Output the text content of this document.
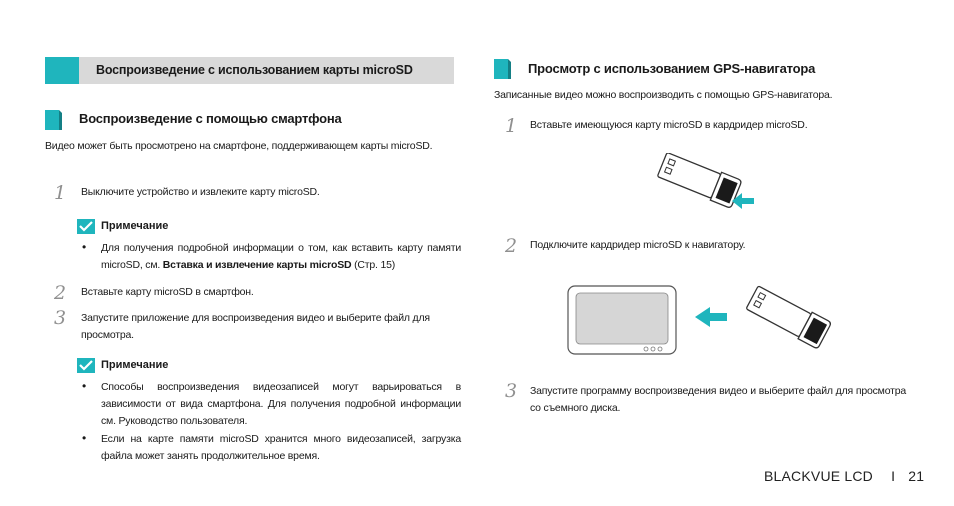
Воспроизведение с использованием карты microSD
Воспроизведение с помощью смартфона
Видео может быть просмотрено на смартфоне, поддерживающем карты microSD.
1 Выключите устройство и извлеките карту microSD.
Примечание
• Для получения подробной информации о том, как вставить карту памяти microSD, см. Вставка и извлечение карты microSD (Стр. 15)
2 Вставьте карту microSD в смартфон.
3 Запустите приложение для воспроизведения видео и выберите файл для просмотра.
Примечание
• Способы воспроизведения видеозаписей могут варьироваться в зависимости от вида смартфона. Для получения подробной информации см. Руководство пользователя.
• Если на карте памяти microSD хранится много видеозаписей, загрузка файла может занять продолжительное время.
Просмотр с использованием GPS-навигатора
Записанные видео можно воспроизводить с помощью GPS-навигатора.
1 Вставьте имеющуюся карту microSD в кардридер microSD.
2 Подключите кардридер microSD к навигатору.
3 Запустите программу воспроизведения видео и выберите файл для просмотра со съемного диска.
BLACKVUE LCD I 21
